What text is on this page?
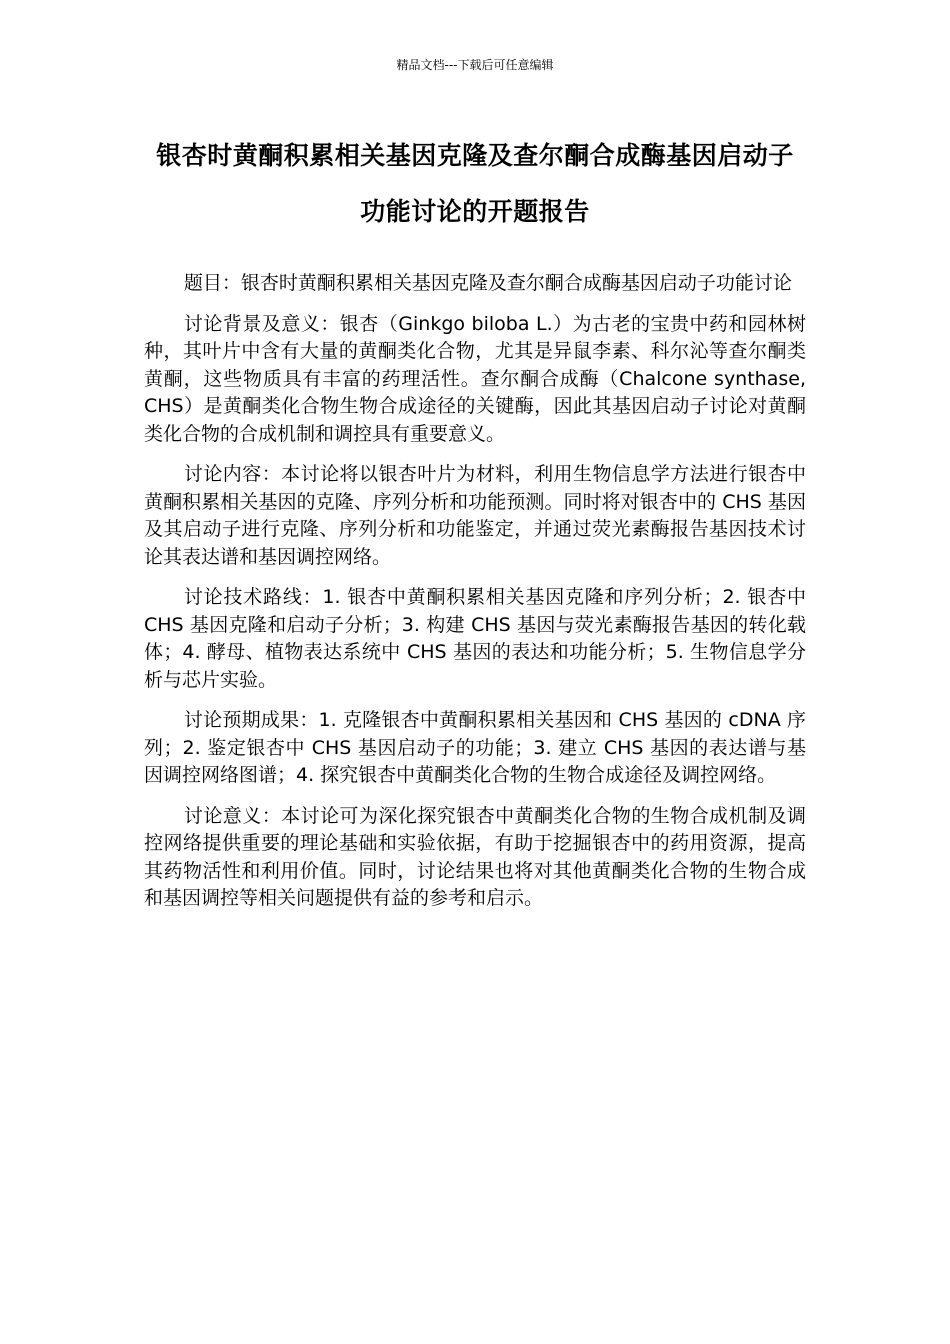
精品文档---下载后可任意编辑
银杏时黄酮积累相关基因克隆及查尔酮合成酶基因启动子功能讨论的开题报告

题目：银杏时黄酮积累相关基因克隆及查尔酮合成酶基因启动子功能讨论

讨论背景及意义：银杏（Ginkgo biloba L.）为古老的宝贵中药和园林树种，其叶片中含有大量的黄酮类化合物，尤其是异鼠李素、科尔沁等查尔酮类黄酮，这些物质具有丰富的药理活性。查尔酮合成酶（Chalcone synthase, CHS）是黄酮类化合物生物合成途径的关键酶，因此其基因启动子讨论对黄酮类化合物的合成机制和调控具有重要意义。

讨论内容：本讨论将以银杏叶片为材料，利用生物信息学方法进行银杏中黄酮积累相关基因的克隆、序列分析和功能预测。同时将对银杏中的 CHS 基因及其启动子进行克隆、序列分析和功能鉴定，并通过荧光素酶报告基因技术讨论其表达谱和基因调控网络。

讨论技术路线：1. 银杏中黄酮积累相关基因克隆和序列分析；2. 银杏中 CHS 基因克隆和启动子分析；3. 构建 CHS 基因与荧光素酶报告基因的转化载体；4. 酵母、植物表达系统中 CHS 基因的表达和功能分析；5. 生物信息学分析与芯片实验。

讨论预期成果：1. 克隆银杏中黄酮积累相关基因和 CHS 基因的 cDNA 序列；2. 鉴定银杏中 CHS 基因启动子的功能；3. 建立 CHS 基因的表达谱与基因调控网络图谱；4. 探究银杏中黄酮类化合物的生物合成途径及调控网络。

讨论意义：本讨论可为深化探究银杏中黄酮类化合物的生物合成机制及调控网络提供重要的理论基础和实验依据，有助于挖掘银杏中的药用资源，提高其药物活性和利用价值。同时，讨论结果也将对其他黄酮类化合物的生物合成和基因调控等相关问题提供有益的参考和启示。
